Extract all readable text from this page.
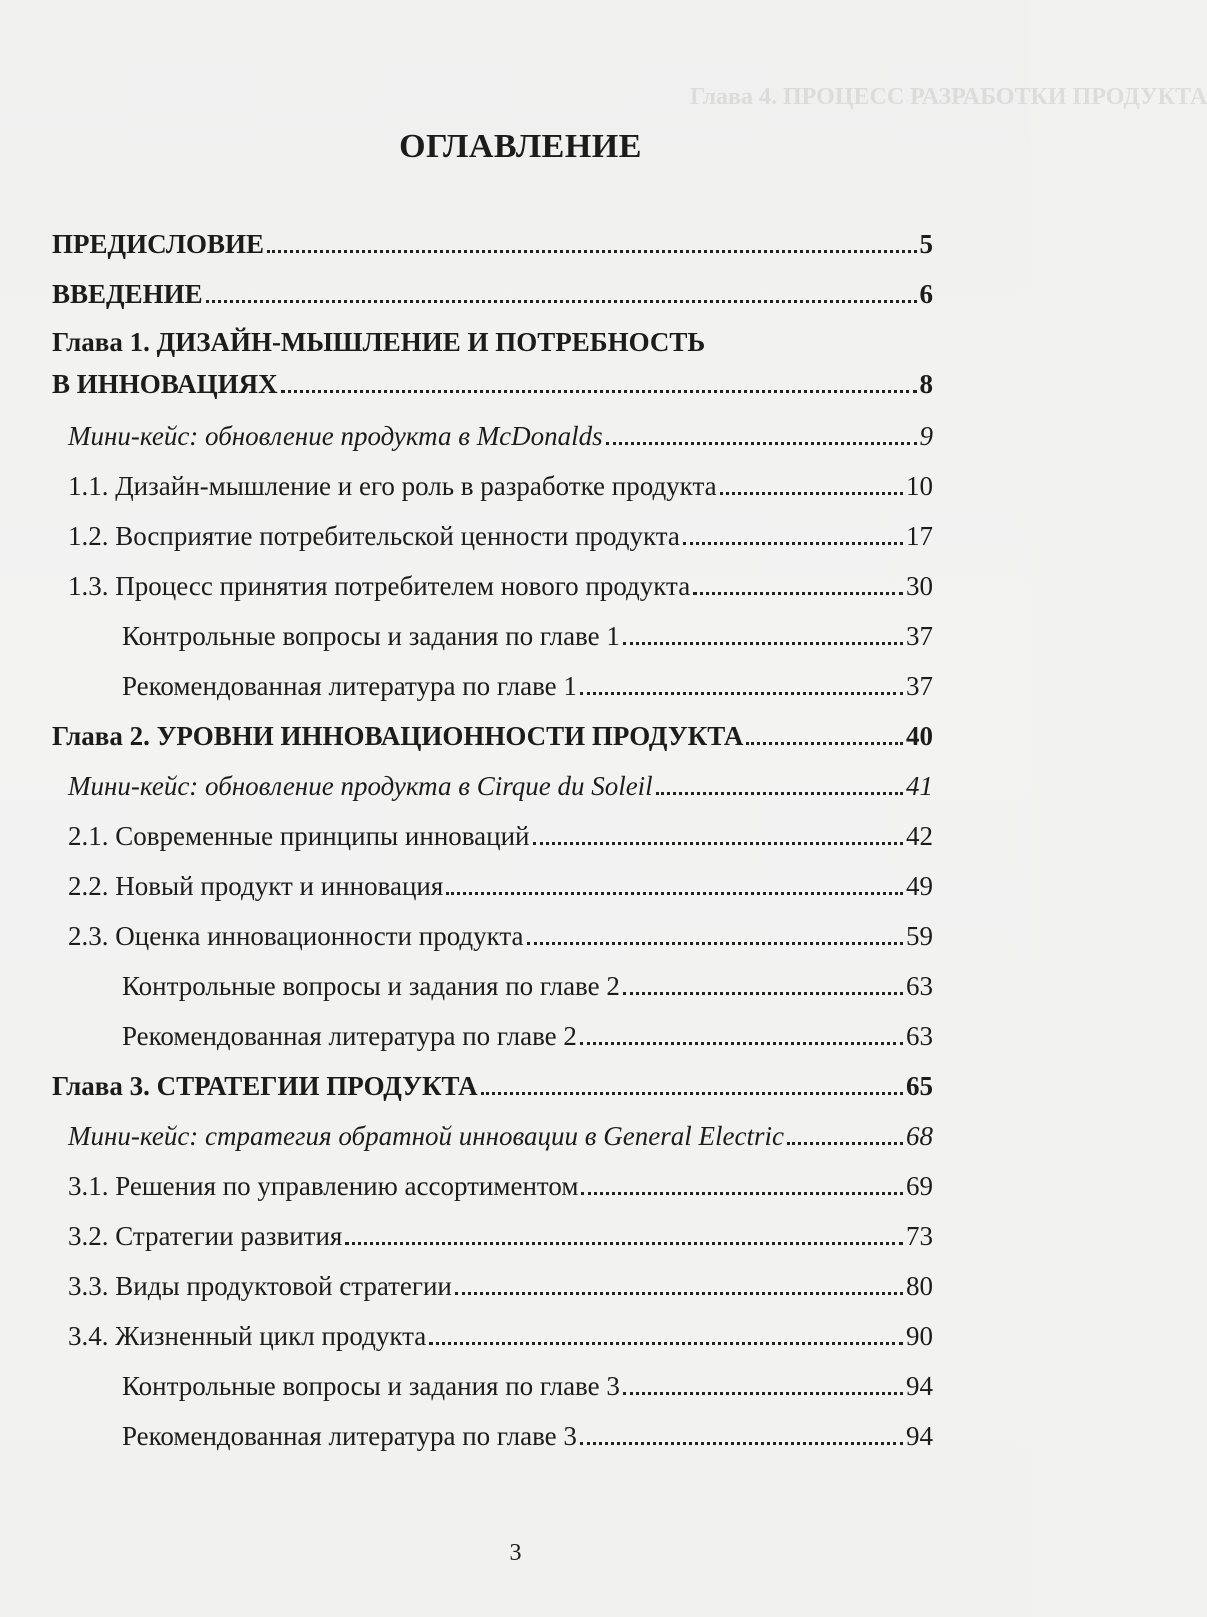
Глава 4. ПРОЦЕСС РАЗРАБОТКИ ПРОДУКТА
ОГЛАВЛЕНИЕ
ПРЕДИСЛОВИЕ	5
ВВЕДЕНИЕ	6
Глава 1. ДИЗАЙН-МЫШЛЕНИЕ И ПОТРЕБНОСТЬ
В ИННОВАЦИЯХ	8
Мини-кейс: обновление продукта в McDonalds	9
1.1. Дизайн-мышление и его роль в разработке продукта	10
1.2. Восприятие потребительской ценности продукта	17
1.3. Процесс принятия потребителем нового продукта	30
Контрольные вопросы и задания по главе 1	37
Рекомендованная литература по главе 1	37
Глава 2. УРОВНИ ИННОВАЦИОННОСТИ ПРОДУКТА	40
Мини-кейс: обновление продукта в Cirque du Soleil	41
2.1. Современные принципы инноваций	42
2.2. Новый продукт и инновация	49
2.3. Оценка инновационности продукта	59
Контрольные вопросы и задания по главе 2	63
Рекомендованная литература по главе 2	63
Глава 3. СТРАТЕГИИ ПРОДУКТА	65
Мини-кейс: стратегия обратной инновации в General Electric	68
3.1. Решения по управлению ассортиментом	69
3.2. Стратегии развития	73
3.3. Виды продуктовой стратегии	80
3.4. Жизненный цикл продукта	90
Контрольные вопросы и задания по главе 3	94
Рекомендованная литература по главе 3	94
3
